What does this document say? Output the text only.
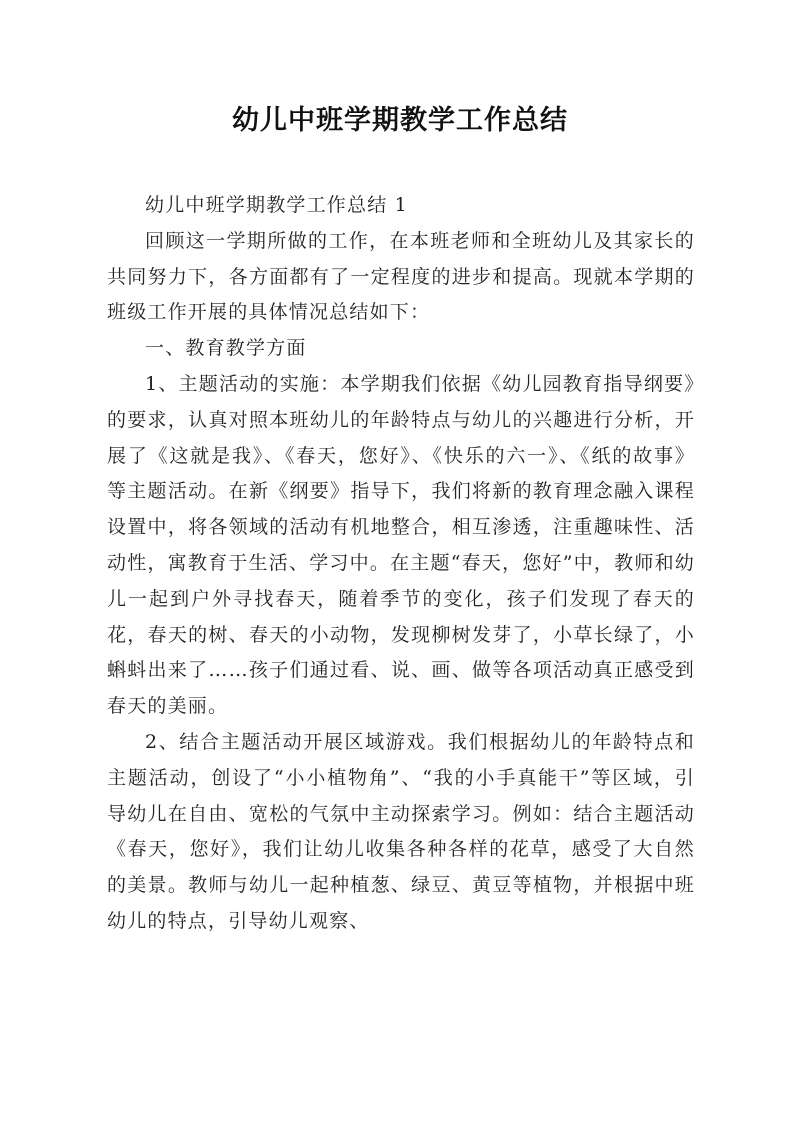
幼儿中班学期教学工作总结

幼儿中班学期教学工作总结 1

回顾这一学期所做的工作，在本班老师和全班幼儿及其家长的共同努力下，各方面都有了一定程度的进步和提高。现就本学期的班级工作开展的具体情况总结如下：

一、教育教学方面

1、主题活动的实施：本学期我们依据《幼儿园教育指导纲要》的要求，认真对照本班幼儿的年龄特点与幼儿的兴趣进行分析，开展了《这就是我》、《春天，您好》、《快乐的六一》、《纸的故事》等主题活动。在新《纲要》指导下，我们将新的教育理念融入课程设置中，将各领域的活动有机地整合，相互渗透，注重趣味性、活动性，寓教育于生活、学习中。在主题“春天，您好”中，教师和幼儿一起到户外寻找春天，随着季节的变化，孩子们发现了春天的花，春天的树、春天的小动物，发现柳树发芽了，小草长绿了，小蝌蚪出来了……孩子们通过看、说、画、做等各项活动真正感受到春天的美丽。

2、结合主题活动开展区域游戏。我们根据幼儿的年龄特点和主题活动，创设了“小小植物角”、“我的小手真能干”等区域，引导幼儿在自由、宽松的气氛中主动探索学习。例如：结合主题活动《春天，您好》，我们让幼儿收集各种各样的花草，感受了大自然的美景。教师与幼儿一起种植葱、绿豆、黄豆等植物，并根据中班幼儿的特点，引导幼儿观察、
